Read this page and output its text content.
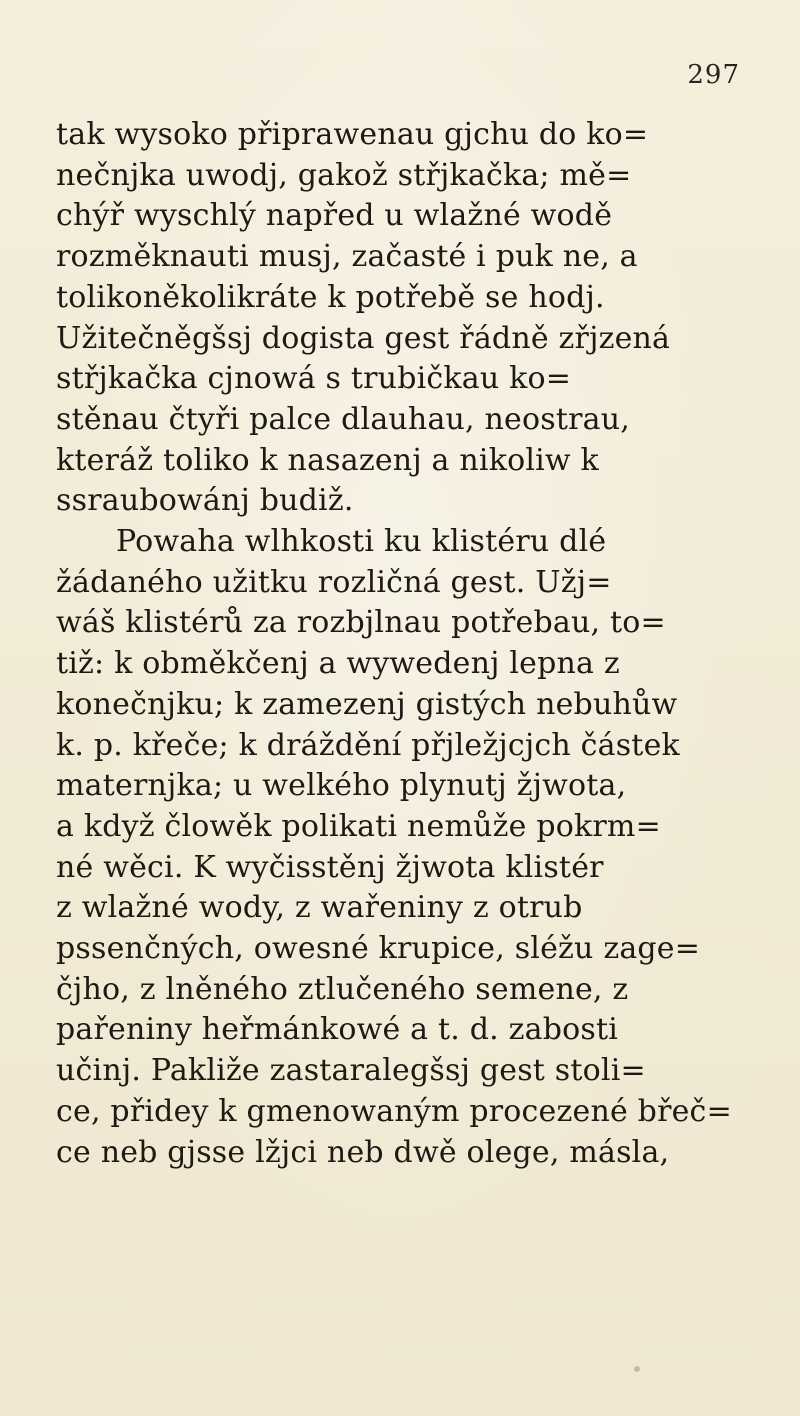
297
tak wysoko připrawenau gjchu do ko=
nečnjka uwodj, gakož střjkačka; mě=
chýř wyschlý napřed u wlažné wodě
rozměknauti musj, začasté i puk ne, a
tolikoněkolikráte k potřebě se hodj.
Užitečněgšsj dogista gest řádně zřjzená
střjkačka cjnowá s trubičkau ko=
stěnau čtyři palce dlauhau, neostrau,
kteráž toliko k nasazenj a nikoliw k
ssraubowánj budiž.
Powaha wlhkosti ku klistéru dlé
žádaného užitku rozličná gest. Užj=
wáš klistérů za rozbjlnau potřebau, to=
tiž: k obměkčenj a wywedenj lepna z
konečnjku; k zamezenj gistých nebuhůw
k. p. křeče; k dráždění přjležjcjch částek
maternjka; u welkého plynutj žjwota,
a když člowěk polikati nemůže pokrm=
né wěci. K wyčisstěnj žjwota klistér
z wlažné wody, z wařeniny z otrub
pssenčných, owesné krupice, sléžu zage=
čjho, z lněného ztlučeného semene, z
pařeniny heřmánkowé a t. d. zabosti
učinj. Pakliže zastaralegšsj gest stoli=
ce, přidey k gmenowaným procezené břeč=
ce neb gjsse lžjci neb dwě olege, másla,
